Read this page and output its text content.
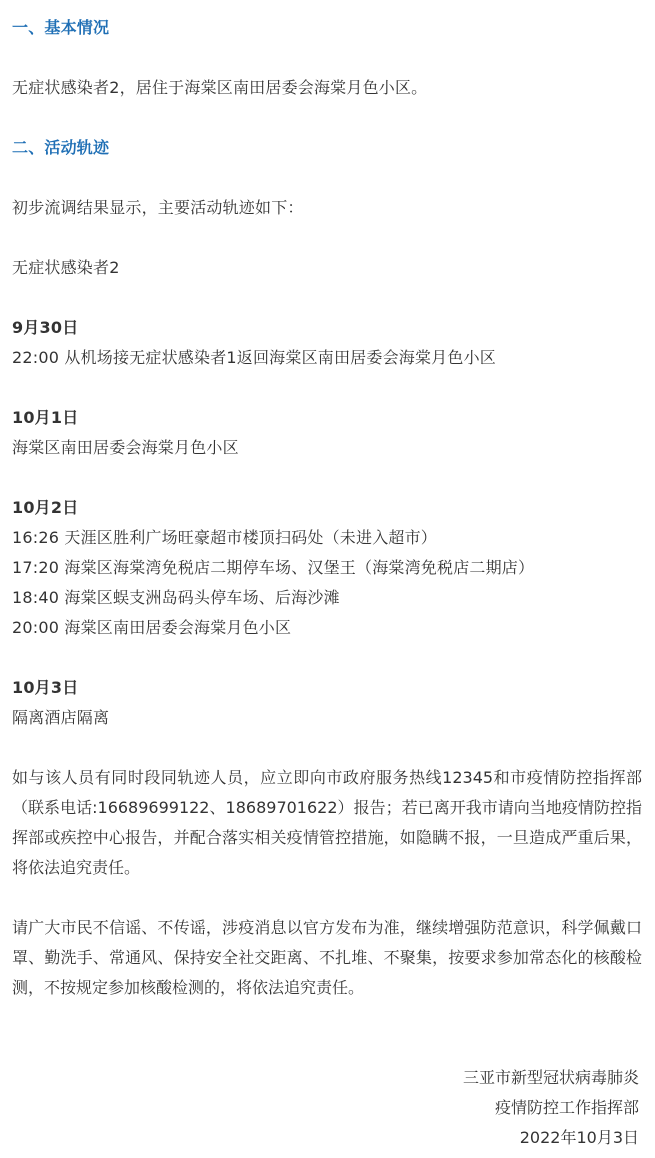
一、基本情况
无症状感染者2，居住于海棠区南田居委会海棠月色小区。
二、活动轨迹
初步流调结果显示，主要活动轨迹如下：
无症状感染者2
9月30日
22:00 从机场接无症状感染者1返回海棠区南田居委会海棠月色小区
10月1日
海棠区南田居委会海棠月色小区
10月2日
16:26 天涯区胜利广场旺豪超市楼顶扫码处（未进入超市）
17:20 海棠区海棠湾免税店二期停车场、汉堡王（海棠湾免税店二期店）
18:40 海棠区蜈支洲岛码头停车场、后海沙滩
20:00 海棠区南田居委会海棠月色小区
10月3日
隔离酒店隔离
如与该人员有同时段同轨迹人员，应立即向市政府服务热线12345和市疫情防控指挥部（联系电话:16689699122、18689701622）报告；若已离开我市请向当地疫情防控指挥部或疾控中心报告，并配合落实相关疫情管控措施，如隐瞒不报，一旦造成严重后果，将依法追究责任。
请广大市民不信谣、不传谣，涉疫消息以官方发布为准，继续增强防范意识，科学佩戴口罩、勤洗手、常通风、保持安全社交距离、不扎堆、不聚集，按要求参加常态化的核酸检测，不按规定参加核酸检测的，将依法追究责任。
三亚市新型冠状病毒肺炎
疫情防控工作指挥部
2022年10月3日
